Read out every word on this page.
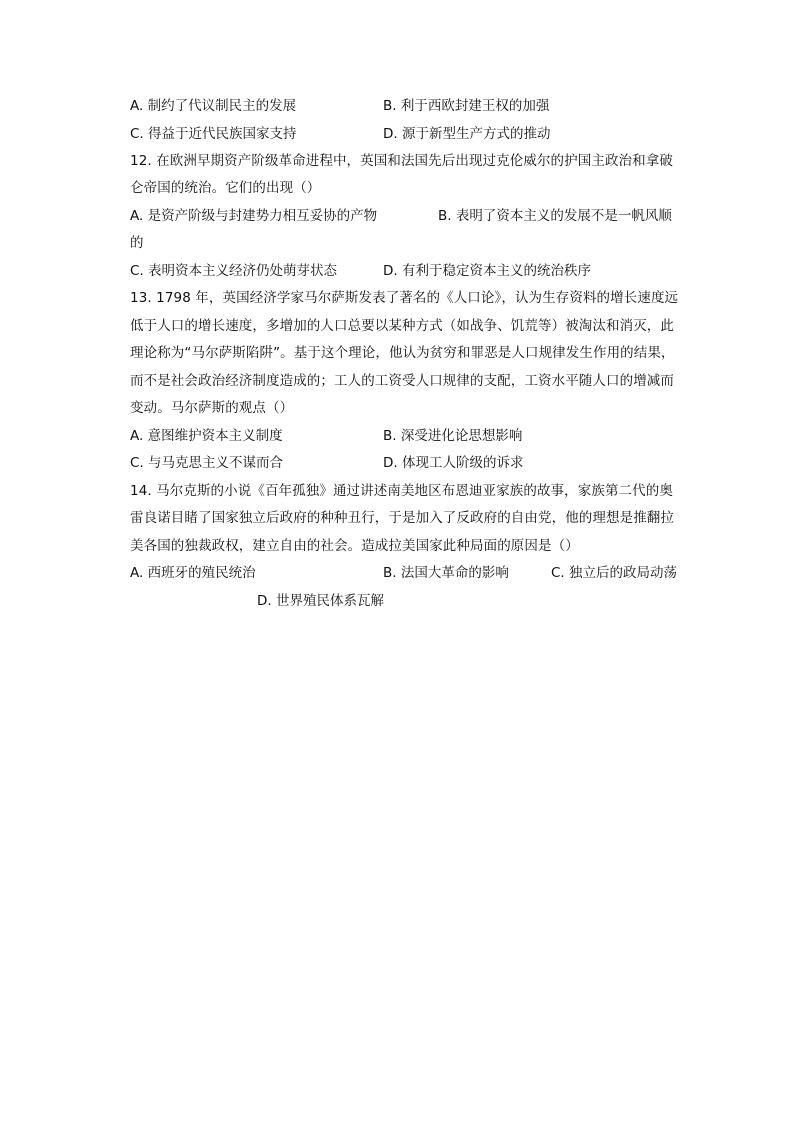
A. 制约了代议制民主的发展	B. 利于西欧封建王权的加强
C. 得益于近代民族国家支持	D. 源于新型生产方式的推动
12. 在欧洲早期资产阶级革命进程中，英国和法国先后出现过克伦威尔的护国主政治和拿破
仑帝国的统治。它们的出现（）
A. 是资产阶级与封建势力相互妥协的产物	B. 表明了资本主义的发展不是一帆风顺
的
C. 表明资本主义经济仍处萌芽状态	D. 有利于稳定资本主义的统治秩序
13. 1798 年，英国经济学家马尔萨斯发表了著名的《人口论》，认为生存资料的增长速度远
低于人口的增长速度，多增加的人口总要以某种方式（如战争、饥荒等）被淘汰和消灭，此
理论称为“马尔萨斯陷阱”。基于这个理论，他认为贫穷和罪恶是人口规律发生作用的结果，
而不是社会政治经济制度造成的；工人的工资受人口规律的支配，工资水平随人口的增减而
变动。马尔萨斯的观点（）
A. 意图维护资本主义制度	B. 深受进化论思想影响
C. 与马克思主义不谋而合	D. 体现工人阶级的诉求
14. 马尔克斯的小说《百年孤独》通过讲述南美地区布恩迪亚家族的故事，家族第二代的奥
雷良诺目睹了国家独立后政府的种种丑行，于是加入了反政府的自由党，他的理想是推翻拉
美各国的独裁政权，建立自由的社会。造成拉美国家此种局面的原因是（）
A. 西班牙的殖民统治	B. 法国大革命的影响	C. 独立后的政局动荡
D. 世界殖民体系瓦解
